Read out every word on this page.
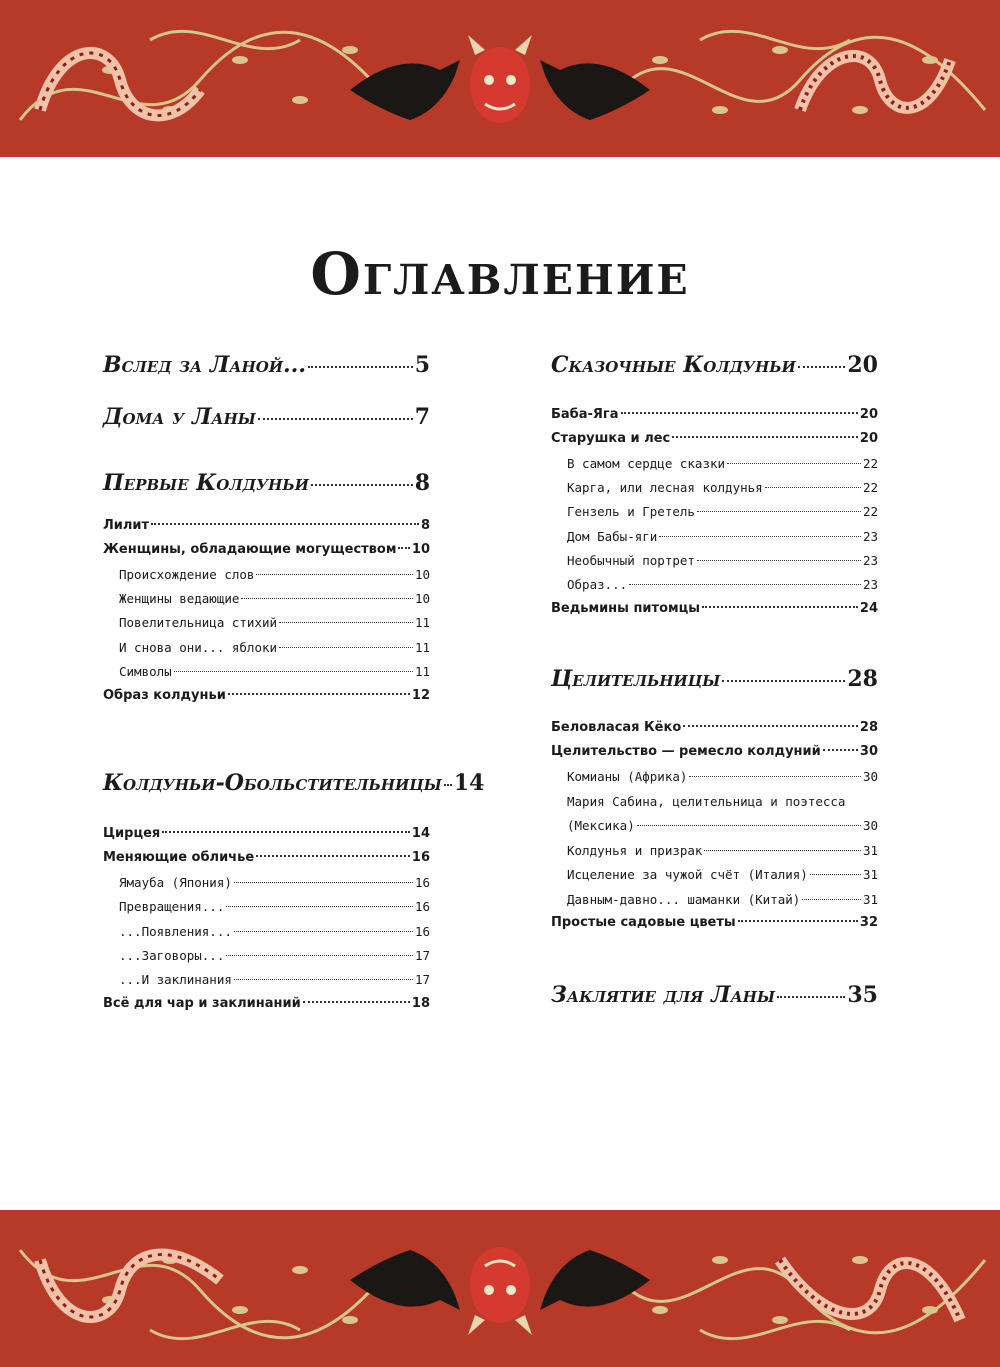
Оглавление
Вслед за Ланой...	5
Дома у Ланы	7
Первые Колдуньи	8
Лилит	8
Женщины, обладающие могуществом 10
Происхождение слов	10
Женщины ведающие	10
Повелительница стихий	11
И снова они... яблоки	11
Символы	11
Образ колдуньи	12
Колдуньи-Обольстительницы 14
Цирцея	14
Меняющие обличье	16
Ямауба (Япония)	16
Превращения...	16
...Появления...	16
...Заговоры...	17
...И заклинания	17
Всё для чар и заклинаний	18
Сказочные Колдуньи 20
Баба-Яга	20
Старушка и лес	20
В самом сердце сказки	22
Карга, или лесная колдунья	22
Гензель и Гретель	22
Дом Бабы-яги	23
Необычный портрет	23
Образ...	23
Ведьмины питомцы	24
Целительницы	28
Беловласая Кёко	28
Целительство — ремесло колдуний	30
Комианы (Африка)	30
Мария Сабина, целительница и поэтесса
(Мексика)	30
Колдунья и призрак	31
Исцеление за чужой счёт (Италия)	31
Давным-давно... шаманки (Китай)	31
Простые садовые цветы	32
Заклятие для Ланы	35
